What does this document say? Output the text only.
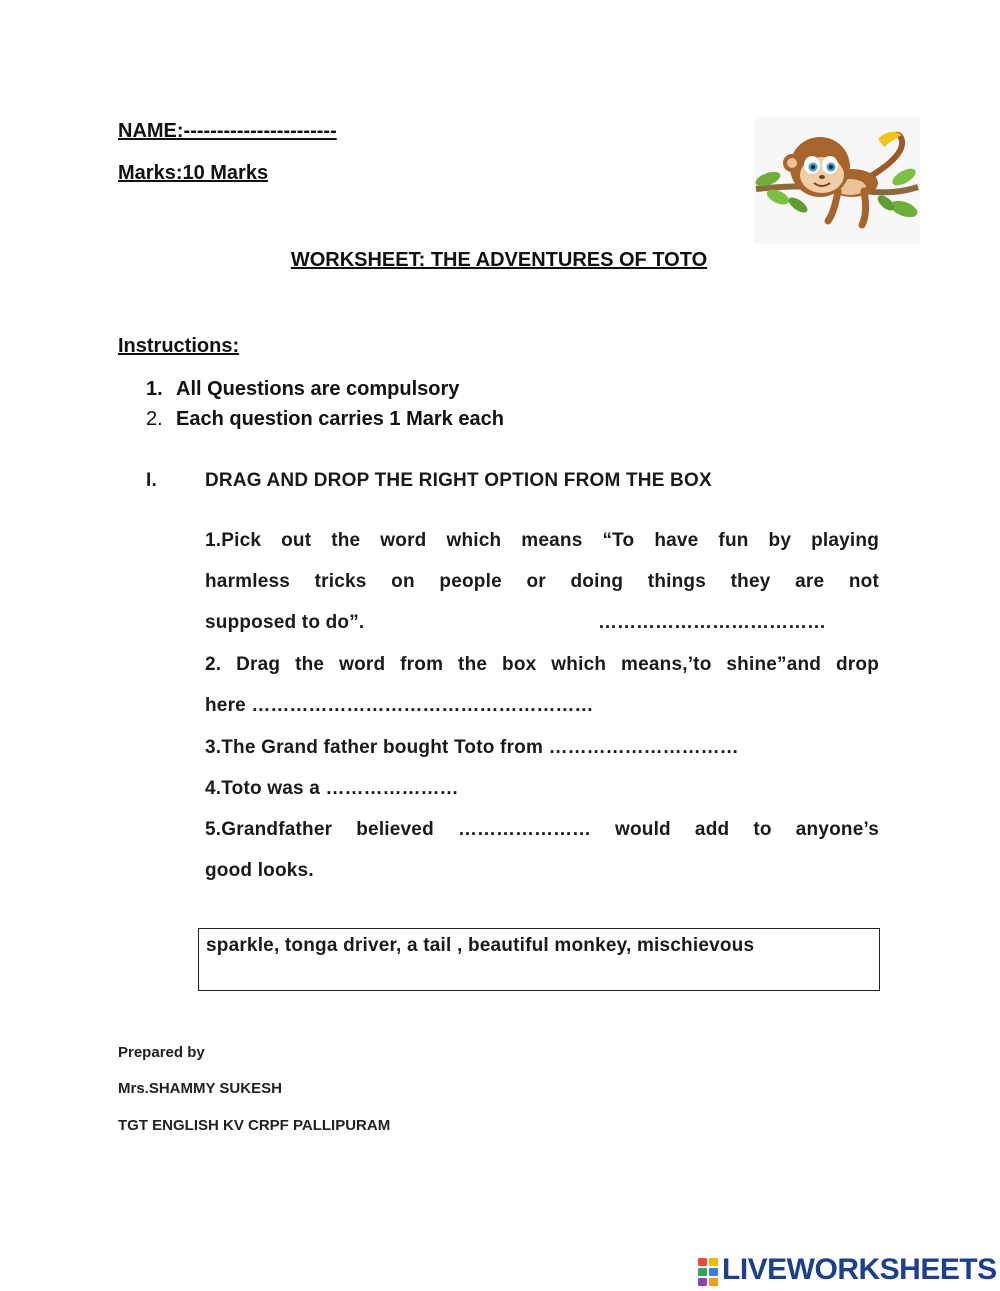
NAME:-----------------------
Marks:10 Marks
WORKSHEET: THE ADVENTURES OF TOTO
Instructions:
1. All Questions are compulsory
2. Each question carries 1 Mark each
I.	DRAG AND DROP THE RIGHT OPTION FROM THE BOX
1.Pick out the word which means “To have fun by playing
harmless tricks on people or doing things they are not
supposed to do”.	………………………………
2. Drag the word from the box which means,’to shine”and drop
here ………………………………………………
3.The Grand father bought Toto from …………………………
4.Toto was a …………………
5.Grandfather believed ………………… would add to anyone’s
good looks.
sparkle, tonga driver, a tail , beautiful monkey, mischievous
Prepared by
Mrs.SHAMMY SUKESH
TGT ENGLISH KV CRPF PALLIPURAM
LIVEWORKSHEETS
